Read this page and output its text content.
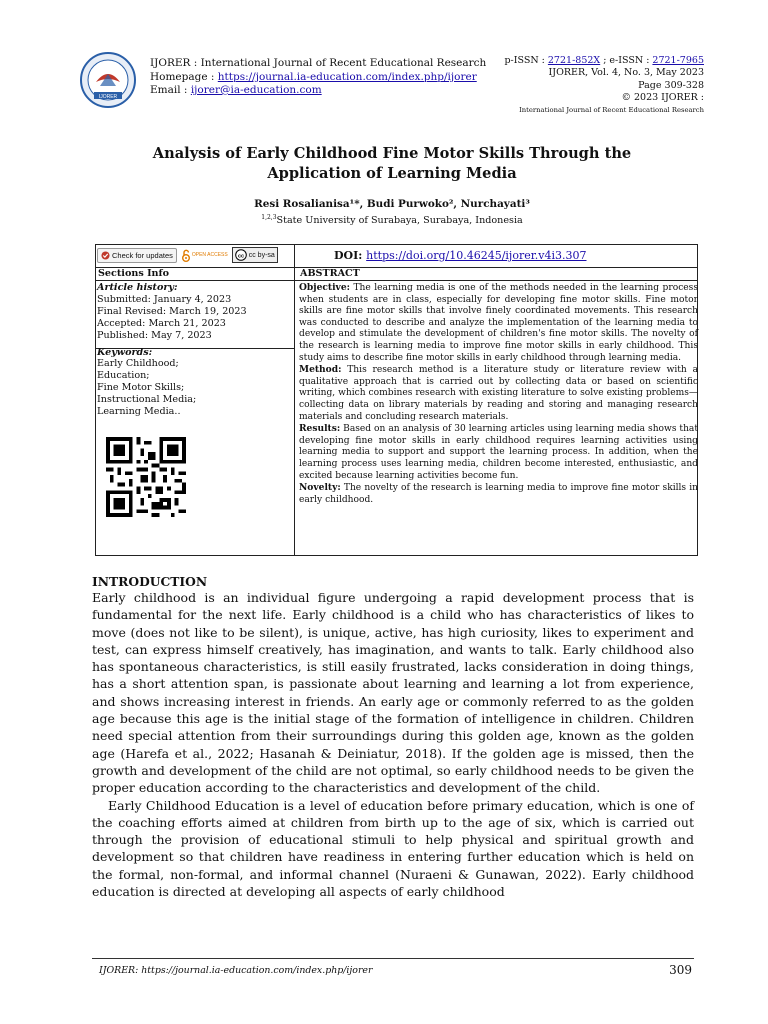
IJORER
IJORER : International Journal of Recent Educational Research
Homepage : https://journal.ia-education.com/index.php/ijorer
Email : ijorer@ia-education.com
p-ISSN : 2721-852X ; e-ISSN : 2721-7965
IJORER, Vol. 4, No. 3, May 2023
Page 309-328
© 2023 IJORER :
International Journal of Recent Educational Research
Analysis of Early Childhood Fine Motor Skills Through the
Application of Learning Media
Resi Rosalianisa¹*, Budi Purwoko², Nurchayati³
$^{1,2,3}$State University of Surabaya, Surabaya, Indonesia
Check for updates	OPEN ACCESS cc cc by-sa	DOI: https://doi.org/10.46245/ijorer.v4i3.307
Sections Info	ABSTRACT
Article history:
Submitted: January 4, 2023
Final Revised: March 19, 2023
Accepted: March 21, 2023
Published: May 7, 2023
Keywords:
Early Childhood;
Education;
Fine Motor Skills;
Instructional Media;
Learning Media..
Objective: The learning media is one of the methods needed in the learning process when students are in class, especially for developing fine motor skills. Fine motor skills are fine motor skills that involve finely coordinated movements. This research was conducted to describe and analyze the implementation of the learning media to develop and stimulate the development of children's fine motor skills. The novelty of the research is learning media to improve fine motor skills in early childhood. This study aims to describe fine motor skills in early childhood through learning media.
Method: This research method is a literature study or literature review with a qualitative approach that is carried out by collecting data or based on scientific writing, which combines research with existing literature to solve existing problems—collecting data on library materials by reading and storing and managing research materials and concluding research materials.
Results: Based on an analysis of 30 learning articles using learning media shows that developing fine motor skills in early childhood requires learning activities using learning media to support and support the learning process. In addition, when the learning process uses learning media, children become interested, enthusiastic, and excited because learning activities become fun.
Novelty: The novelty of the research is learning media to improve fine motor skills in early childhood.
INTRODUCTION

Early childhood is an individual figure undergoing a rapid development process that is fundamental for the next life. Early childhood is a child who has characteristics of likes to move (does not like to be silent), is unique, active, has high curiosity, likes to experiment and test, can express himself creatively, has imagination, and wants to talk. Early childhood also has spontaneous characteristics, is still easily frustrated, lacks consideration in doing things, has a short attention span, is passionate about learning and learning a lot from experience, and shows increasing interest in friends. An early age or commonly referred to as the golden age because this age is the initial stage of the formation of intelligence in children. Children need special attention from their surroundings during this golden age, known as the golden age (Harefa et al., 2022; Hasanah & Deiniatur, 2018). If the golden age is missed, then the growth and development of the child are not optimal, so early childhood needs to be given the proper education according to the characteristics and development of the child.

Early Childhood Education is a level of education before primary education, which is one of the coaching efforts aimed at children from birth up to the age of six, which is carried out through the provision of educational stimuli to help physical and spiritual growth and development so that children have readiness in entering further education which is held on the formal, non-formal, and informal channel (Nuraeni & Gunawan, 2022). Early childhood education is directed at developing all aspects of early childhood

IJORER: https://journal.ia-education.com/index.php/ijorer	309
